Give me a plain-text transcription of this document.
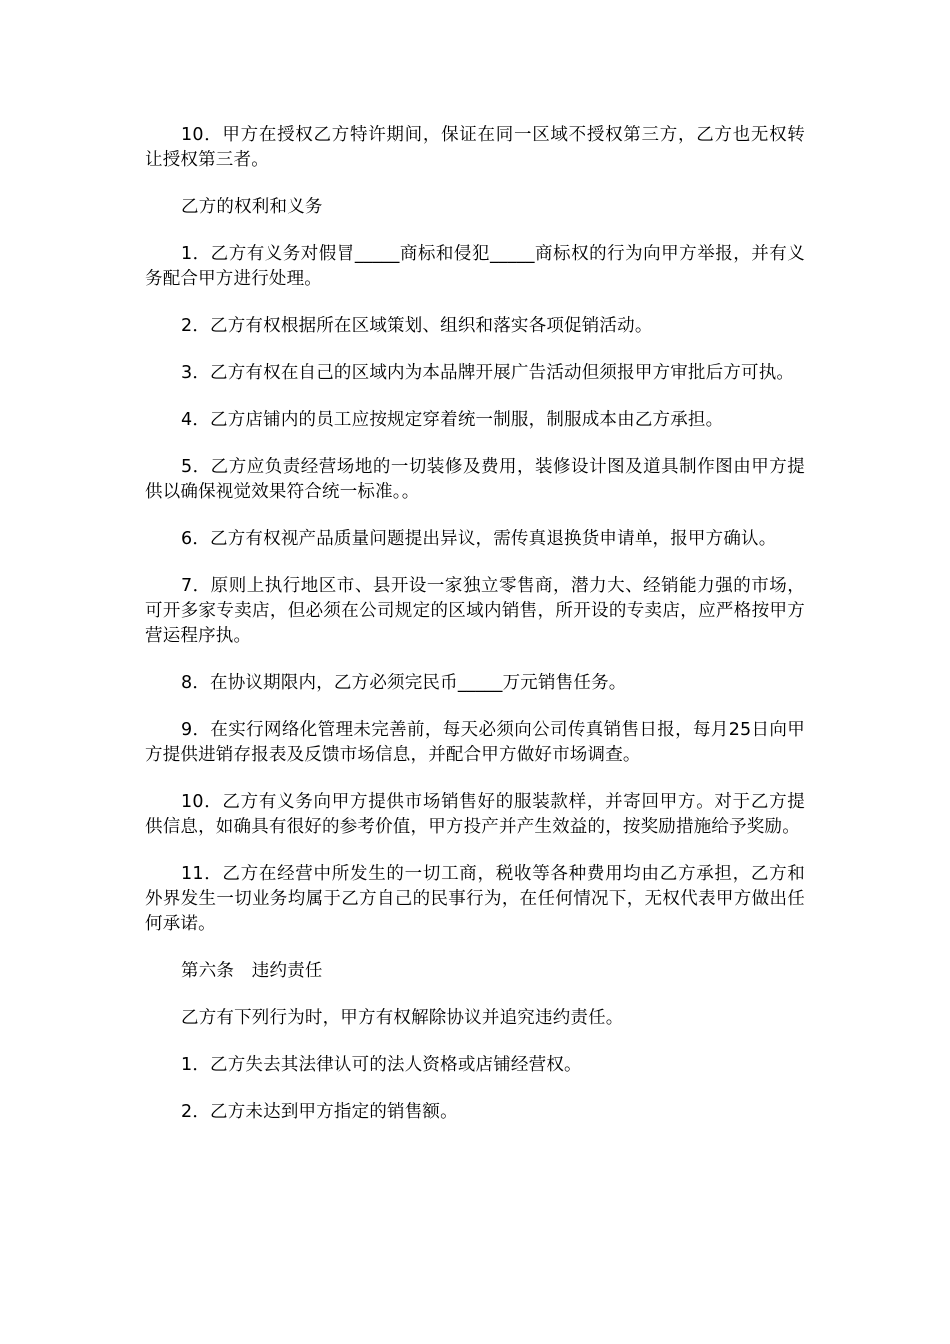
10．甲方在授权乙方特许期间，保证在同一区域不授权第三方，乙方也无权转让授权第三者。

乙方的权利和义务

1．乙方有义务对假冒_____商标和侵犯_____商标权的行为向甲方举报，并有义务配合甲方进行处理。

2．乙方有权根据所在区域策划、组织和落实各项促销活动。

3．乙方有权在自己的区域内为本品牌开展广告活动但须报甲方审批后方可执。

4．乙方店铺内的员工应按规定穿着统一制服，制服成本由乙方承担。

5．乙方应负责经营场地的一切装修及费用，装修设计图及道具制作图由甲方提供以确保视觉效果符合统一标准。。

6．乙方有权视产品质量问题提出异议，需传真退换货申请单，报甲方确认。

7．原则上执行地区市、县开设一家独立零售商，潜力大、经销能力强的市场，可开多家专卖店，但必须在公司规定的区域内销售，所开设的专卖店，应严格按甲方营运程序执。

8．在协议期限内，乙方必须完民币_____万元销售任务。

9．在实行网络化管理未完善前，每天必须向公司传真销售日报，每月25日向甲方提供进销存报表及反馈市场信息，并配合甲方做好市场调查。

10．乙方有义务向甲方提供市场销售好的服装款样，并寄回甲方。对于乙方提供信息，如确具有很好的参考价值，甲方投产并产生效益的，按奖励措施给予奖励。

11．乙方在经营中所发生的一切工商，税收等各种费用均由乙方承担，乙方和外界发生一切业务均属于乙方自己的民事行为，在任何情况下，无权代表甲方做出任何承诺。

第六条　违约责任

乙方有下列行为时，甲方有权解除协议并追究违约责任。

1．乙方失去其法律认可的法人资格或店铺经营权。

2．乙方未达到甲方指定的销售额。
